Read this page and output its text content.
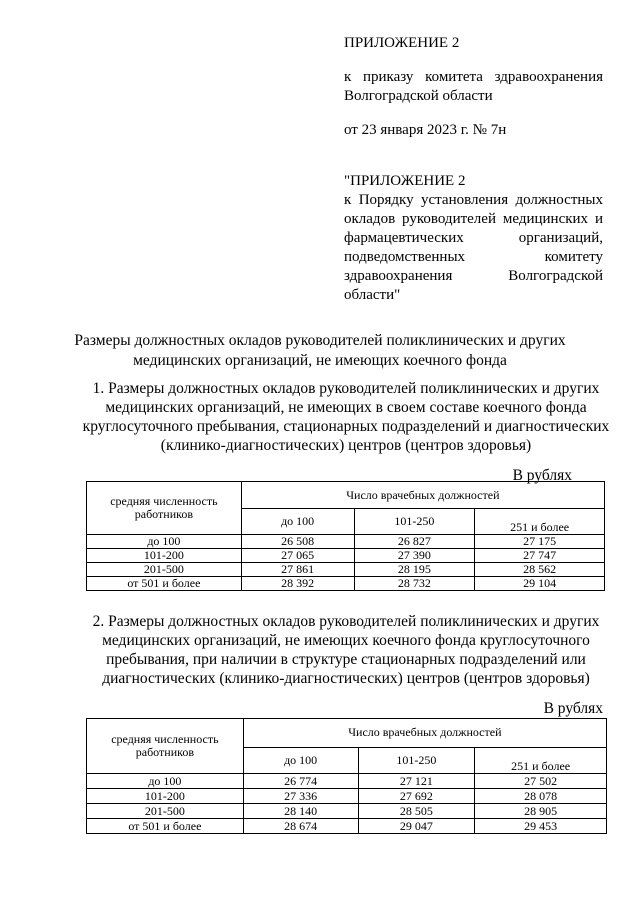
ПРИЛОЖЕНИЕ 2
к приказу комитета здравоохранения
Волгоградской области
от 23 января 2023 г. № 7н
"ПРИЛОЖЕНИЕ 2
к Порядку установления должностных
окладов руководителей медицинских и
фармацевтических организаций,
подведомственных комитету
здравоохранения Волгоградской
области"
Размеры должностных окладов руководителей поликлинических и других
медицинских организаций, не имеющих коечного фонда
1. Размеры должностных окладов руководителей поликлинических и других
медицинских организаций, не имеющих в своем составе коечного фонда
круглосуточного пребывания, стационарных подразделений и диагностических
(клинико-диагностических) центров (центров здоровья)
В рублях
средняя численность работников	Число врачебных должностей		
	до 100	101-250	251 и более
до 100	26 508	26 827	27 175
101-200	27 065	27 390	27 747
201-500	27 861	28 195	28 562
от 501 и более	28 392	28 732	29 104
2. Размеры должностных окладов руководителей поликлинических и других
медицинских организаций, не имеющих коечного фонда круглосуточного
пребывания, при наличии в структуре стационарных подразделений или
диагностических (клинико-диагностических) центров (центров здоровья)
В рублях
средняя численность работников	Число врачебных должностей		
	до 100	101-250	251 и более
до 100	26 774	27 121	27 502
101-200	27 336	27 692	28 078
201-500	28 140	28 505	28 905
от 501 и более	28 674	29 047	29 453
